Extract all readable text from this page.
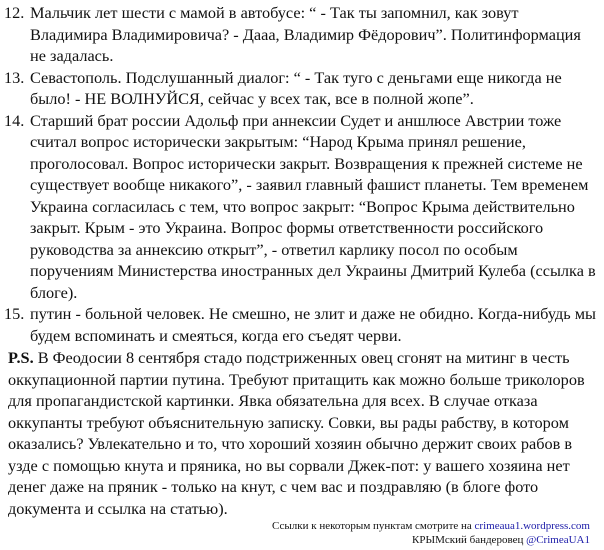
12. Мальчик лет шести с мамой в автобусе: “ - Так ты запомнил, как зовут Владимира Владимировича? - Дааа, Владимир Фёдорович”. Политинформация не задалась.
13. Севастополь. Подслушанный диалог: “ - Так туго с деньгами еще никогда не было! - НЕ ВОЛНУЙСЯ, сейчас у всех так, все в полной жопе”.
14. Старший брат россии Адольф при аннексии Судет и аншлюсе Австрии тоже считал вопрос исторически закрытым: “Народ Крыма принял решение, проголосовал. Вопрос исторически закрыт. Возвращения к прежней системе не существует вообще никакого”, - заявил главный фашист планеты. Тем временем Украина согласилась с тем, что вопрос закрыт: “Вопрос Крыма действительно закрыт. Крым - это Украина. Вопрос формы ответственности российского руководства за аннексию открыт”, - ответил карлику посол по особым поручениям Министерства иностранных дел Украины Дмитрий Кулеба (ссылка в блоге).
15. путин - больной человек. Не смешно, не злит и даже не обидно. Когда-нибудь мы будем вспоминать и смеяться, когда его съедят черви.
P.S. В Феодосии 8 сентября стадо подстриженных овец сгонят на митинг в честь оккупационной партии путина. Требуют притащить как можно больше триколоров для пропагандистской картинки. Явка обязательна для всех. В случае отказа оккупанты требуют объяснительную записку. Совки, вы рады рабству, в котором оказались? Увлекательно и то, что хороший хозяин обычно держит своих рабов в узде с помощью кнута и пряника, но вы сорвали Джек-пот: у вашего хозяина нет денег даже на пряник - только на кнут, с чем вас и поздравляю (в блоге фото документа и ссылка на статью).
Ссылки к некоторым пунктам смотрите на crimeaua1.wordpress.com
КРЫМский бандеровец @CrimeaUA1
